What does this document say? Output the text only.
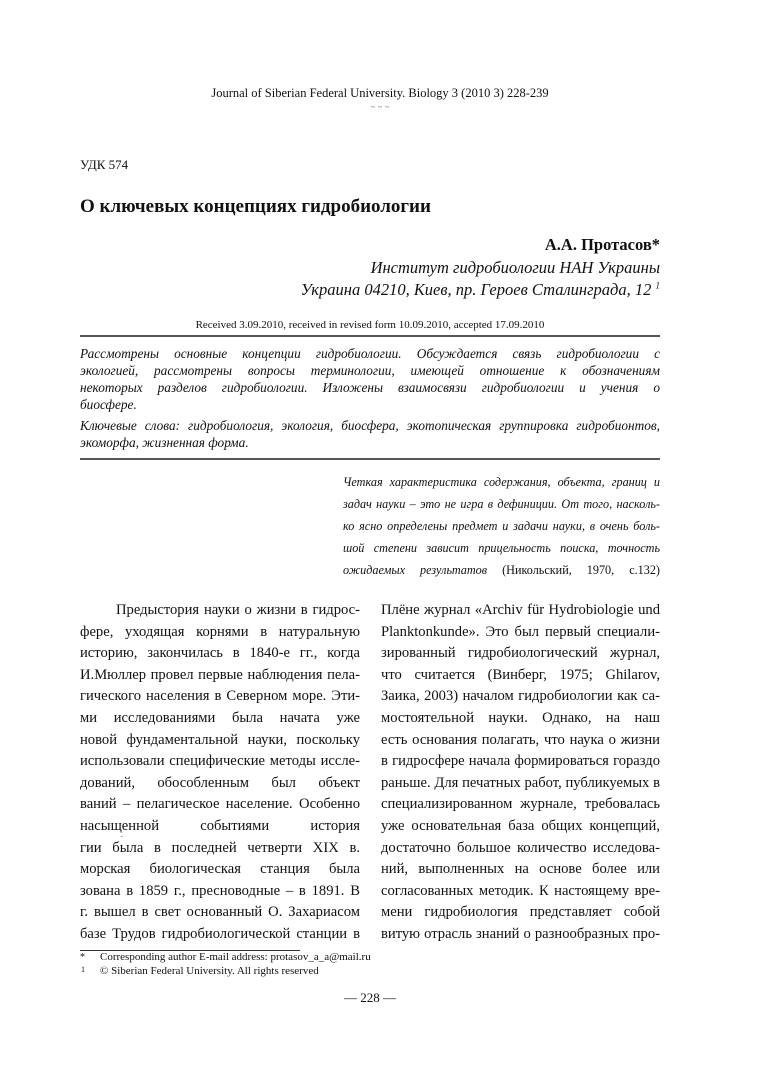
Journal of Siberian Federal University. Biology 3 (2010 3) 228-239
~ ~ ~
УДК 574
О ключевых концепциях гидробиологии
А.А. Протасов*
Институт гидробиологии НАН Украины
Украина 04210, Киев, пр. Героев Сталинграда, 12 $^1$
Received 3.09.2010, received in revised form 10.09.2010, accepted 17.09.2010
Рассмотрены основные концепции гидробиологии. Обсуждается связь гидробиологии с
экологией, рассмотрены вопросы терминологии, имеющей отношение к обозначениям
некоторых разделов гидробиологии. Изложены взаимосвязи гидробиологии и учения о
биосфере.
Ключевые слова: гидробиология, экология, биосфера, экотопическая группировка гидробионтов,
экоморфа, жизненная форма.
Четкая характеристика содержания, объекта, границ и
задач науки – это не игра в дефиниции. От того, насколь-
ко ясно определены предмет и задачи науки, в очень боль-
шой степени зависит прицельность поиска, точность
ожидаемых результатов (Никольский, 1970, с.132)
Предыстория науки о жизни в гидрос-
фере, уходящая корнями в натуральную
историю, закончилась в 1840-е гг., когда
И.Мюллер провел первые наблюдения пела-
гического населения в Северном море. Эти-
ми исследованиями была начата уже
новой фундаментальной науки, поскольку
использовали специфические методы иссле-
дований, обособленным был объект
ваний – пелагическое население. Особенно
насыщенной событиями история
гии была в последней четверти XIX в.
морская биологическая станция была
зована в 1859 г., пресноводные – в 1891. В
г. вышел в свет основанный О. Захариасом
базе Трудов гидробиологической станции в
Плёне журнал «Archiv für Hydrobiologie und
Planktonkunde». Это был первый специали-
зированный гидробиологический журнал,
что считается (Винберг, 1975; Ghilarov,
Заика, 2003) началом гидробиологии как са-
мостоятельной науки. Однако, на наш
есть основания полагать, что наука о жизни
в гидросфере начала формироваться гораздо
раньше. Для печатных работ, публикуемых в
специализированном журнале, требовалась
уже основательная база общих концепций,
достаточно большое количество исследова-
ний, выполненных на основе более или
согласованных методик. К настоящему вре-
мени гидробиология представляет собой
витую отрасль знаний о разнообразных про-
* Corresponding author E-mail address: protasov_a_a@mail.ru
1 © Siberian Federal University. All rights reserved
— 228 —
